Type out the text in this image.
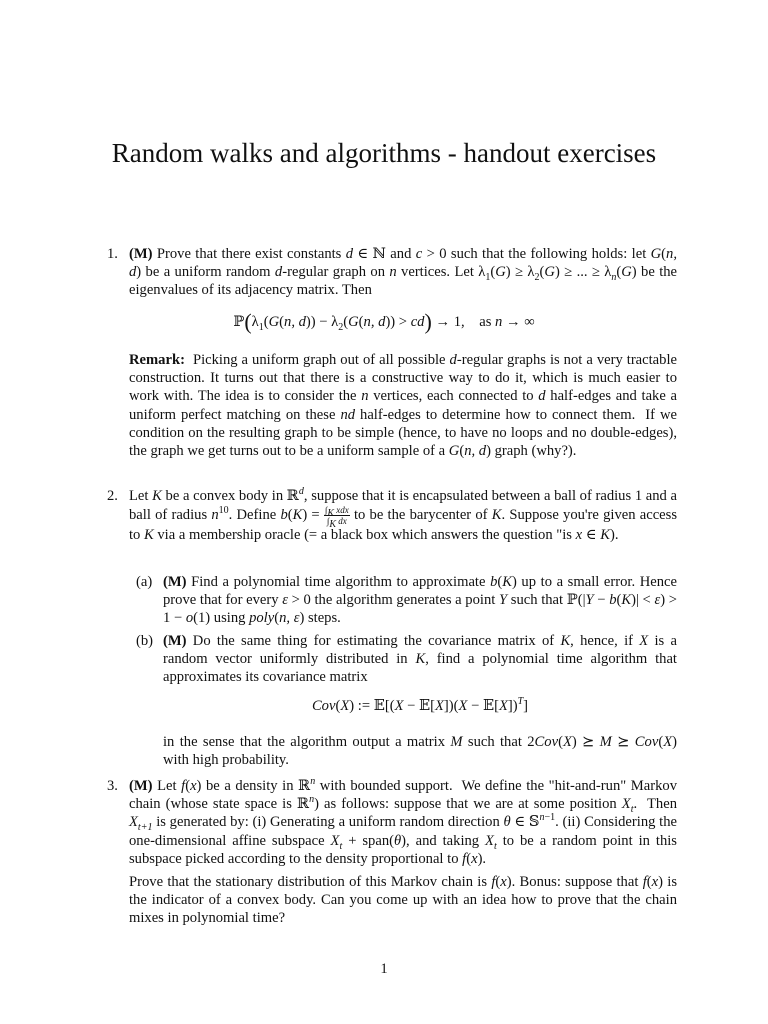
Random walks and algorithms - handout exercises
1. (M) Prove that there exist constants d ∈ ℕ and c > 0 such that the following holds: let G(n, d) be a uniform random d-regular graph on n vertices. Let $\lambda_1(G) \ge \lambda_2(G)$ ≥ ... ≥ $\lambda_n(G)$ be the eigenvalues of its adjacency matrix. Then

$ℙ(\lambda_1(G(n$, $d)) - \lambda_2(G(n$, d)) > cd) → 1,    as n → ∞

Remark:  Picking a uniform graph out of all possible d-regular graphs is not a very tractable construction. It turns out that there is a constructive way to do it, which is much easier to work with. The idea is to consider the n vertices, each connected to d half-edges and take a uniform perfect matching on these nd half-edges to determine how to connect them.  If we condition on the resulting graph to be simple (hence, to have no loops and no double-edges), the graph we get turns out to be a uniform sample of a G(n, d) graph (why?).

2. Let K be a convex body in ℝ$^d$, suppose that it is encapsulated between a ball of radius 1 and a ball of radius $n^{10}$. Define $b(K) = \frac{\int_K xdx}{\int_K dx}$ to be the barycenter of K. Suppose you're given access to K via a membership oracle (= a black box which answers the question "is x ∈ K).

(a) (M) Find a polynomial time algorithm to approximate b(K) up to a small error. Hence prove that for every ε > 0 the algorithm generates a point Y such that ℙ(|Y − b(K)| < ε) > 1 − o(1) using poly(n, ε) steps.

(b) (M) Do the same thing for estimating the covariance matrix of K, hence, if X is a random vector uniformly distributed in K, find a polynomial time algorithm that approximates its covariance matrix

Cov(X) := 𝔼[(X − 𝔼[X])(X − 𝔼[X])$^T$]

in the sense that the algorithm output a matrix M such that 2Cov(X) ⪰ M ⪰ Cov(X) with high probability.

3. (M) Let f(x) be a density in ℝ$^n$ with bounded support.  We define the "hit-and-run" Markov chain (whose state space is ℝ$^n$) as follows: suppose that we are at some position $X_t$.  Then $X_{t+1}$ is generated by: (i) Generating a uniform random direction θ ∈ 𝕊$^{n-1}$. (ii) Considering the one-dimensional affine subspace $X_t$ + span(θ), and taking $X_t$ to be a random point in this subspace picked according to the density proportional to f(x).

Prove that the stationary distribution of this Markov chain is f(x). Bonus: suppose that f(x) is the indicator of a convex body. Can you come up with an idea how to prove that the chain mixes in polynomial time?

1
